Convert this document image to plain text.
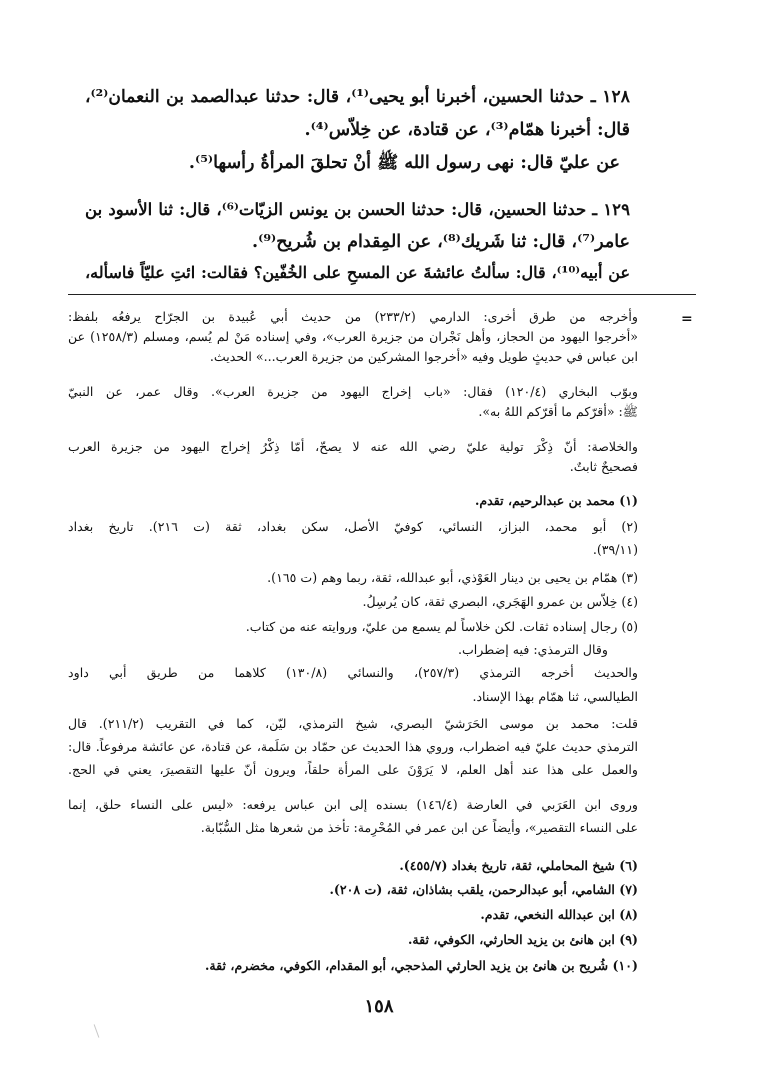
١٢٨ ـ حدثنا الحسين، أخبرنا أبو يحيى⁽¹⁾، قال: حدثنا عبدالصمد بن النعمان⁽²⁾،
قال: أخبرنا همّام⁽³⁾، عن قتادة، عن خِلاّس⁽⁴⁾.
عن عليّ قال: نهى رسول الله ﷺ أنْ تحلقَ المرأةُ رأسها⁽⁵⁾.
١٢٩ ـ حدثنا الحسين، قال: حدثنا الحسن بن يونس الزيّات⁽⁶⁾، قال: ثنا الأسود بن
عامر⁽⁷⁾، قال: ثنا شَريك⁽⁸⁾، عن المِقدام بن شُريح⁽⁹⁾.
عن أبيه⁽¹⁰⁾، قال: سألتُ عائشةَ عن المسحِ على الخُفّين؟ فقالت: ائتِ عليّاً فاسأله،
=
وأخرجه من طرق أخرى: الدارمي (٢٣٣/٢) من حديث أبي عُبيدة بن الجرّاح يرفعُه بلفظ:
«أخرجوا اليهود من الحجاز، وأهل نَجْران من جزيرة العرب»، وفي إسناده مَنْ لم يُسم، ومسلم (١٢٥٨/٣) عن
ابن عباس في حديثٍ طويل وفيه «أخرجوا المشركين من جزيرة العرب...» الحديث.
وبوّب البخاري (١٢٠/٤) فقال: «باب إخراج اليهود من جزيرة العرب». وقال عمر، عن النبيّ
ﷺ: «أقرّكم ما أقرّكم اللهُ به».
والخلاصة: أنّ ذِكْرَ تولية عليّ رضي الله عنه لا يصحّ، أمّا ذِكْرُ إخراج اليهود من جزيرة العرب
فصحيحٌ ثابتٌ.
(١) محمد بن عبدالرحيم، تقدم.
(٢) أبو محمد، البزاز، النسائي، كوفيّ الأصل، سكن بغداد، ثقة (ت ٢١٦). تاريخ بغداد
(٣٩/١١).
(٣) همّام بن يحيى بن دينار العَوْذي، أبو عبدالله، ثقة، ربما وهم (ت ١٦٥).
(٤) خِلاّس بن عمرو الهَجَري، البصري ثقة، كان يُرسِلُ.
(٥) رجال إسناده ثقات. لكن خلاساً لم يسمع من عليّ، وروايته عنه من كتاب.
وقال الترمذي: فيه إضطراب.
والحديث أخرجه الترمذي (٢٥٧/٣)، والنسائي (١٣٠/٨) كلاهما من طريق أبي داود
الطيالسي، ثنا همّام بهذا الإسناد.
قلت: محمد بن موسى الحَرَشيّ البصري، شيخ الترمذي، ليّن، كما في التقريب (٢١١/٢). قال
الترمذي حديث عليّ فيه اضطراب، وروي هذا الحديث عن حمّاد بن سَلَمة، عن قتادة، عن عائشة مرفوعاً. قال:
والعمل على هذا عند أهل العلم، لا يَرَوْنَ على المرأة حلقاً، ويرون أنّ عليها التقصيرَ، يعني في الحج.
وروى ابن العَرَبي في العارضة (١٤٦/٤) بسنده إلى ابن عباس يرفعه: «ليس على النساء حلق، إنما
على النساء التقصير»، وأيضاً عن ابن عمر في المُحْرِمة: تأخذ من شعرها مثل السُّبّابة.
(٦) شيخ المحاملي، ثقة، تاريخ بغداد (٤٥٥/٧).
(٧) الشامي، أبو عبدالرحمن، يلقب بشاذان، ثقة، (ت ٢٠٨).
(٨) ابن عبدالله النخعي، تقدم.
(٩) ابن هانئ بن يزيد الحارثي، الكوفي، ثقة.
(١٠) شُريح بن هانئ بن يزيد الحارثي المذحجي، أبو المقدام، الكوفي، مخضرم، ثقة.
١٥٨
